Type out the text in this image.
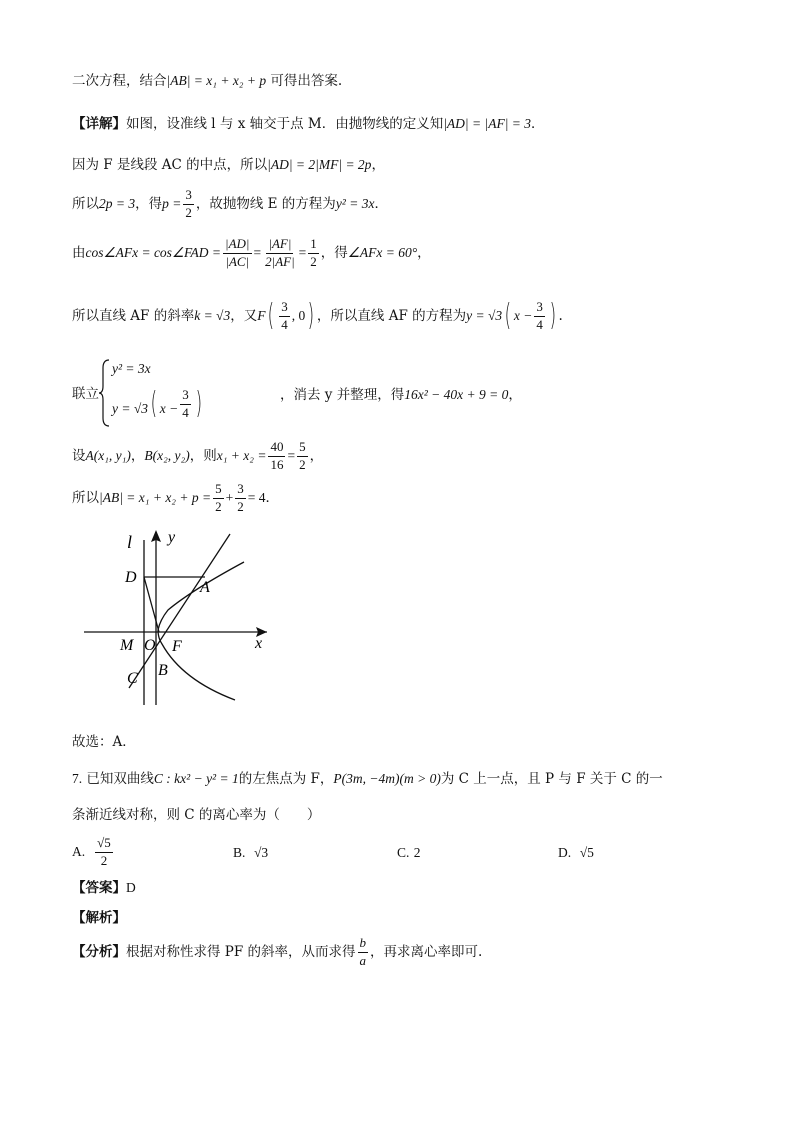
二次方程，结合|AB| = x₁ + x₂ + p 可得出答案.
【详解】如图，设准线 l 与 x 轴交于点 M．由抛物线的定义知|AD| = |AF| = 3．
因为 F 是线段 AC 的中点，所以|AD| = 2|MF| = 2p，
所以2p = 3，得$p = \frac{3}{2}$ ，故抛物线 E 的方程为y² = 3x．
由cos∠AFx = cos∠FAD = $\frac{|AD|}{|AC|} = \frac{|AF|}{2|AF|} = \frac{1}{2}$ ，得∠AFx = 60°，
所以直线 AF 的斜率k = √3，又$F( \frac{3}{4}$ , 0) ，所以直线 AF 的方程为y = √3( $x - \frac{3}{4}$ ) .
联立
y² = 3x
y = √3 ( $x - \frac{3}{4}$ )	，消去 y 并整理，得16x² − 40x + 9 = 0，
设A(x₁, y₁)，B(x₂, y₂)，则$x_1 + x_2 = \frac{40}{16} = \frac{5}{2}$ ，
所以$|AB| = x_1 + x_2 + p = \frac{5}{2} + \frac{3}{2} = 4$．
l y
D
A
M O F	x
C B
故选：A．
7. 已知双曲线C : kx² − y² = 1的左焦点为 F，P(3m, −4m)(m > 0)为 C 上一点，且 P 与 F 关于 C 的一
条渐近线对称，则 C 的离心率为（　　）
A. $\frac{√5}{2}$	B. √3	C. 2	D. √5
【答案】D
【解析】
【分析】 根据对称性求得 PF 的斜率，从而求得 $\frac{b}{a}$ ，再求离心率即可.
